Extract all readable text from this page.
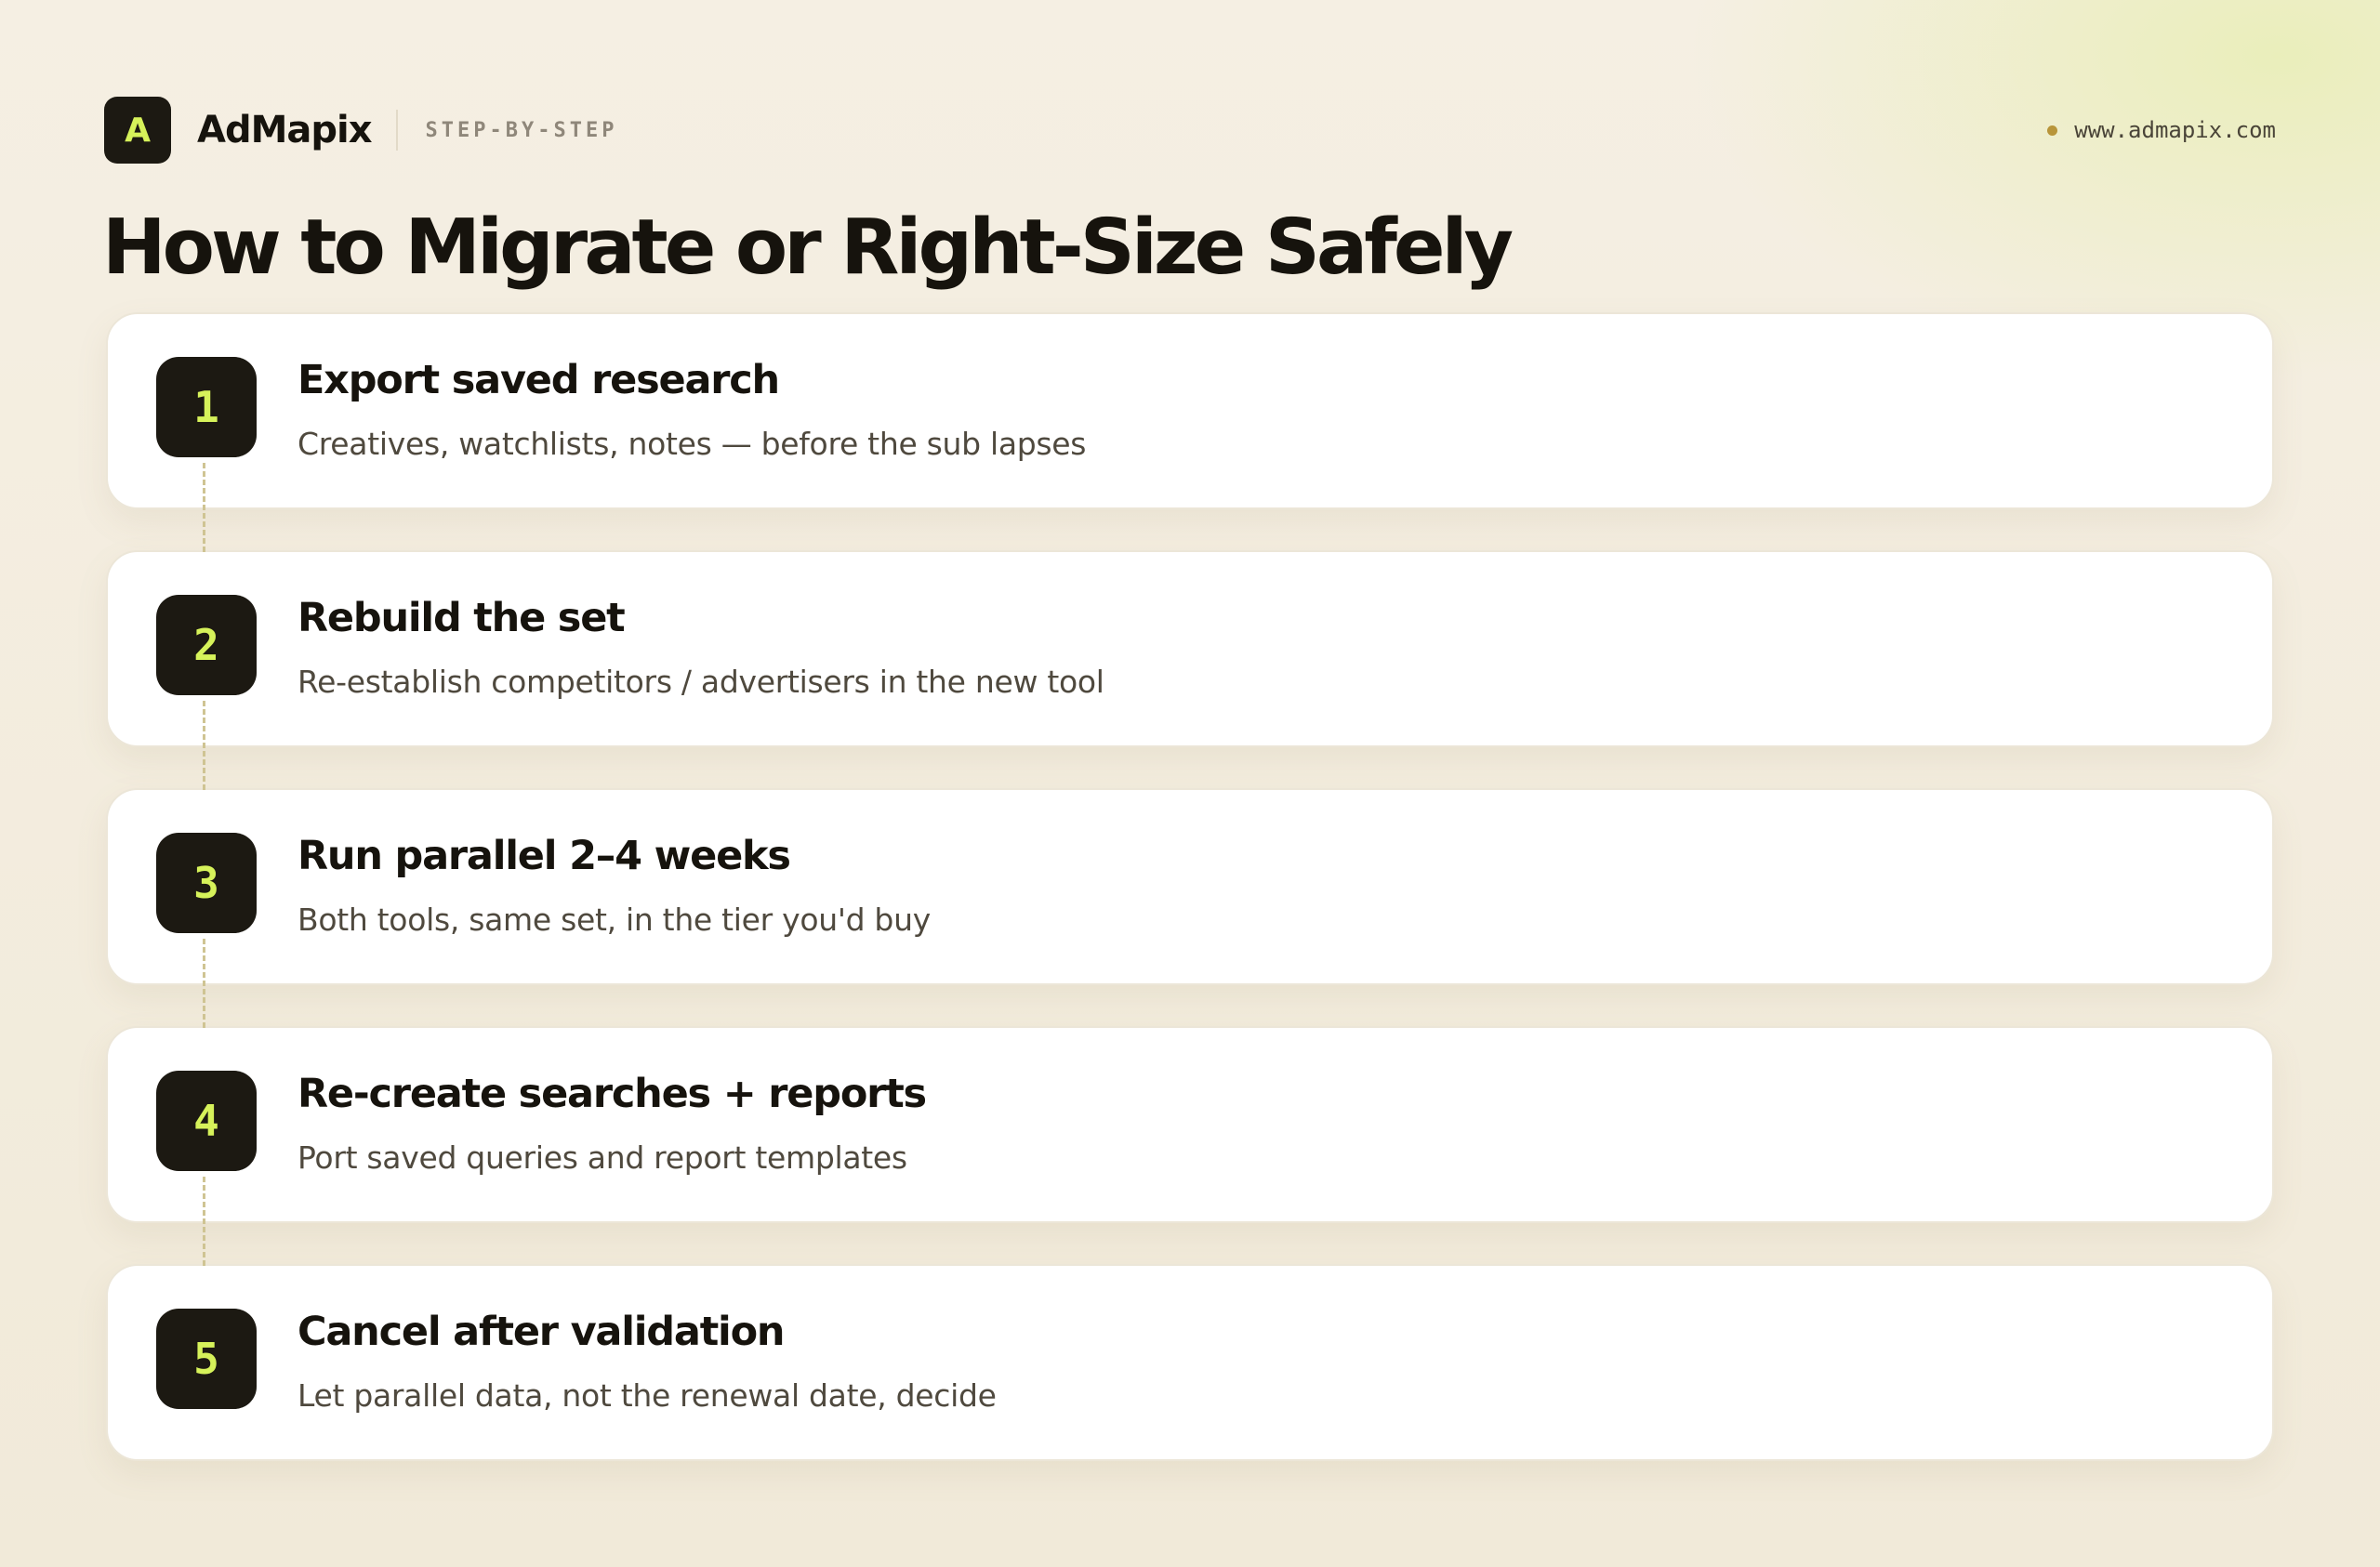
A AdMapix	STEP-BY-STEP	www.admapix.com
How to Migrate or Right-Size Safely
1
Export saved research
Creatives, watchlists, notes — before the sub lapses
2
Rebuild the set
Re-establish competitors / advertisers in the new tool
3
Run parallel 2–4 weeks
Both tools, same set, in the tier you'd buy
4
Re-create searches + reports
Port saved queries and report templates
5
Cancel after validation
Let parallel data, not the renewal date, decide
